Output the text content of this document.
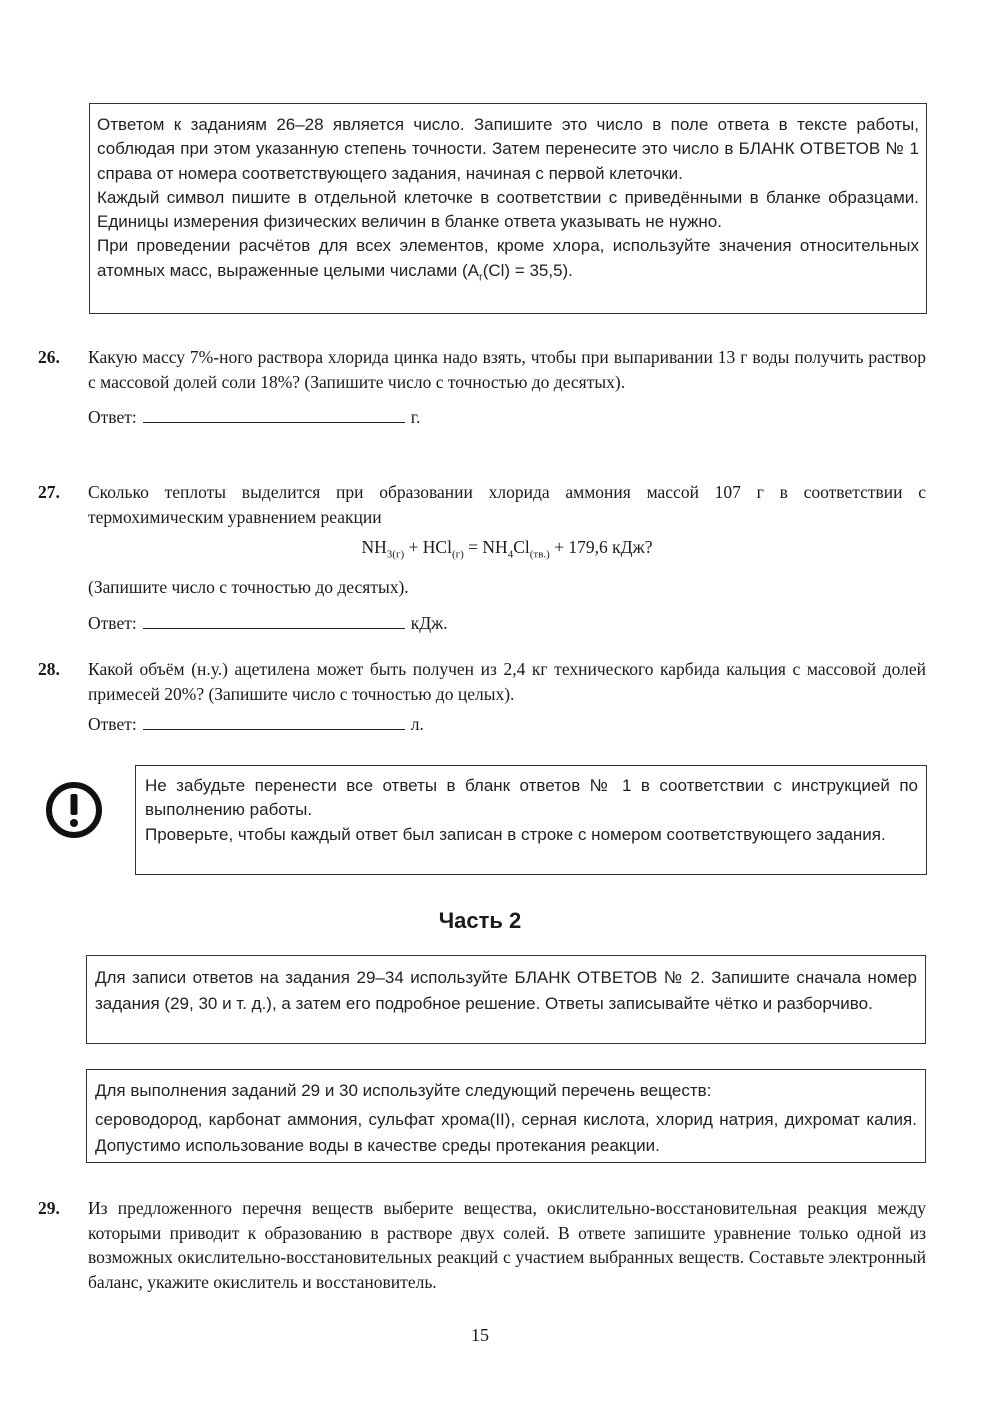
Ответом к заданиям 26–28 является число. Запишите это число в поле ответа в тексте работы, соблюдая при этом указанную степень точности. Затем перенесите это число в БЛАНК ОТВЕТОВ № 1 справа от номера соответствующего задания, начиная с первой клеточки.

Каждый символ пишите в отдельной клеточке в соответствии с приведёнными в бланке образцами. Единицы измерения физических величин в бланке ответа указывать не нужно.

При проведении расчётов для всех элементов, кроме хлора, используйте значения относительных атомных масс, выраженные целыми числами $(A_r(Cl) = 35,5)$.

26. Какую массу 7%-ного раствора хлорида цинка надо взять, чтобы при выпаривании 13 г воды получить раствор с массовой долей соли 18%? (Запишите число с точностью до десятых).

Ответ:	г.

27. Сколько теплоты выделится при образовании хлорида аммония массой 107 г в соответствии с термохимическим уравнением реакции

$NH_{3(г)} + HCl_{(г)} = NH_4Cl_{(тв.)} + 179,6$ кДж?

(Запишите число с точностью до десятых).

Ответ:	кДж.

28. Какой объём (н.у.) ацетилена может быть получен из 2,4 кг технического карбида кальция с массовой долей примесей 20%? (Запишите число с точностью до целых).

Ответ:	л.

Не забудьте перенести все ответы в бланк ответов № 1 в соответствии с инструкцией по выполнению работы.

Проверьте, чтобы каждый ответ был записан в строке с номером соответствующего задания.

Часть 2

Для записи ответов на задания 29–34 используйте БЛАНК ОТВЕТОВ № 2. Запишите сначала номер задания (29, 30 и т. д.), а затем его подробное решение. Ответы записывайте чётко и разборчиво.

Для выполнения заданий 29 и 30 используйте следующий перечень веществ:

сероводород, карбонат аммония, сульфат хрома(II), серная кислота, хлорид натрия, дихромат калия. Допустимо использование воды в качестве среды протекания реакции.

29. Из предложенного перечня веществ выберите вещества, окислительно-восстановительная реакция между которыми приводит к образованию в растворе двух солей. В ответе запишите уравнение только одной из возможных окислительно-восстановительных реакций с участием выбранных веществ. Составьте электронный баланс, укажите окислитель и восстановитель.

15
